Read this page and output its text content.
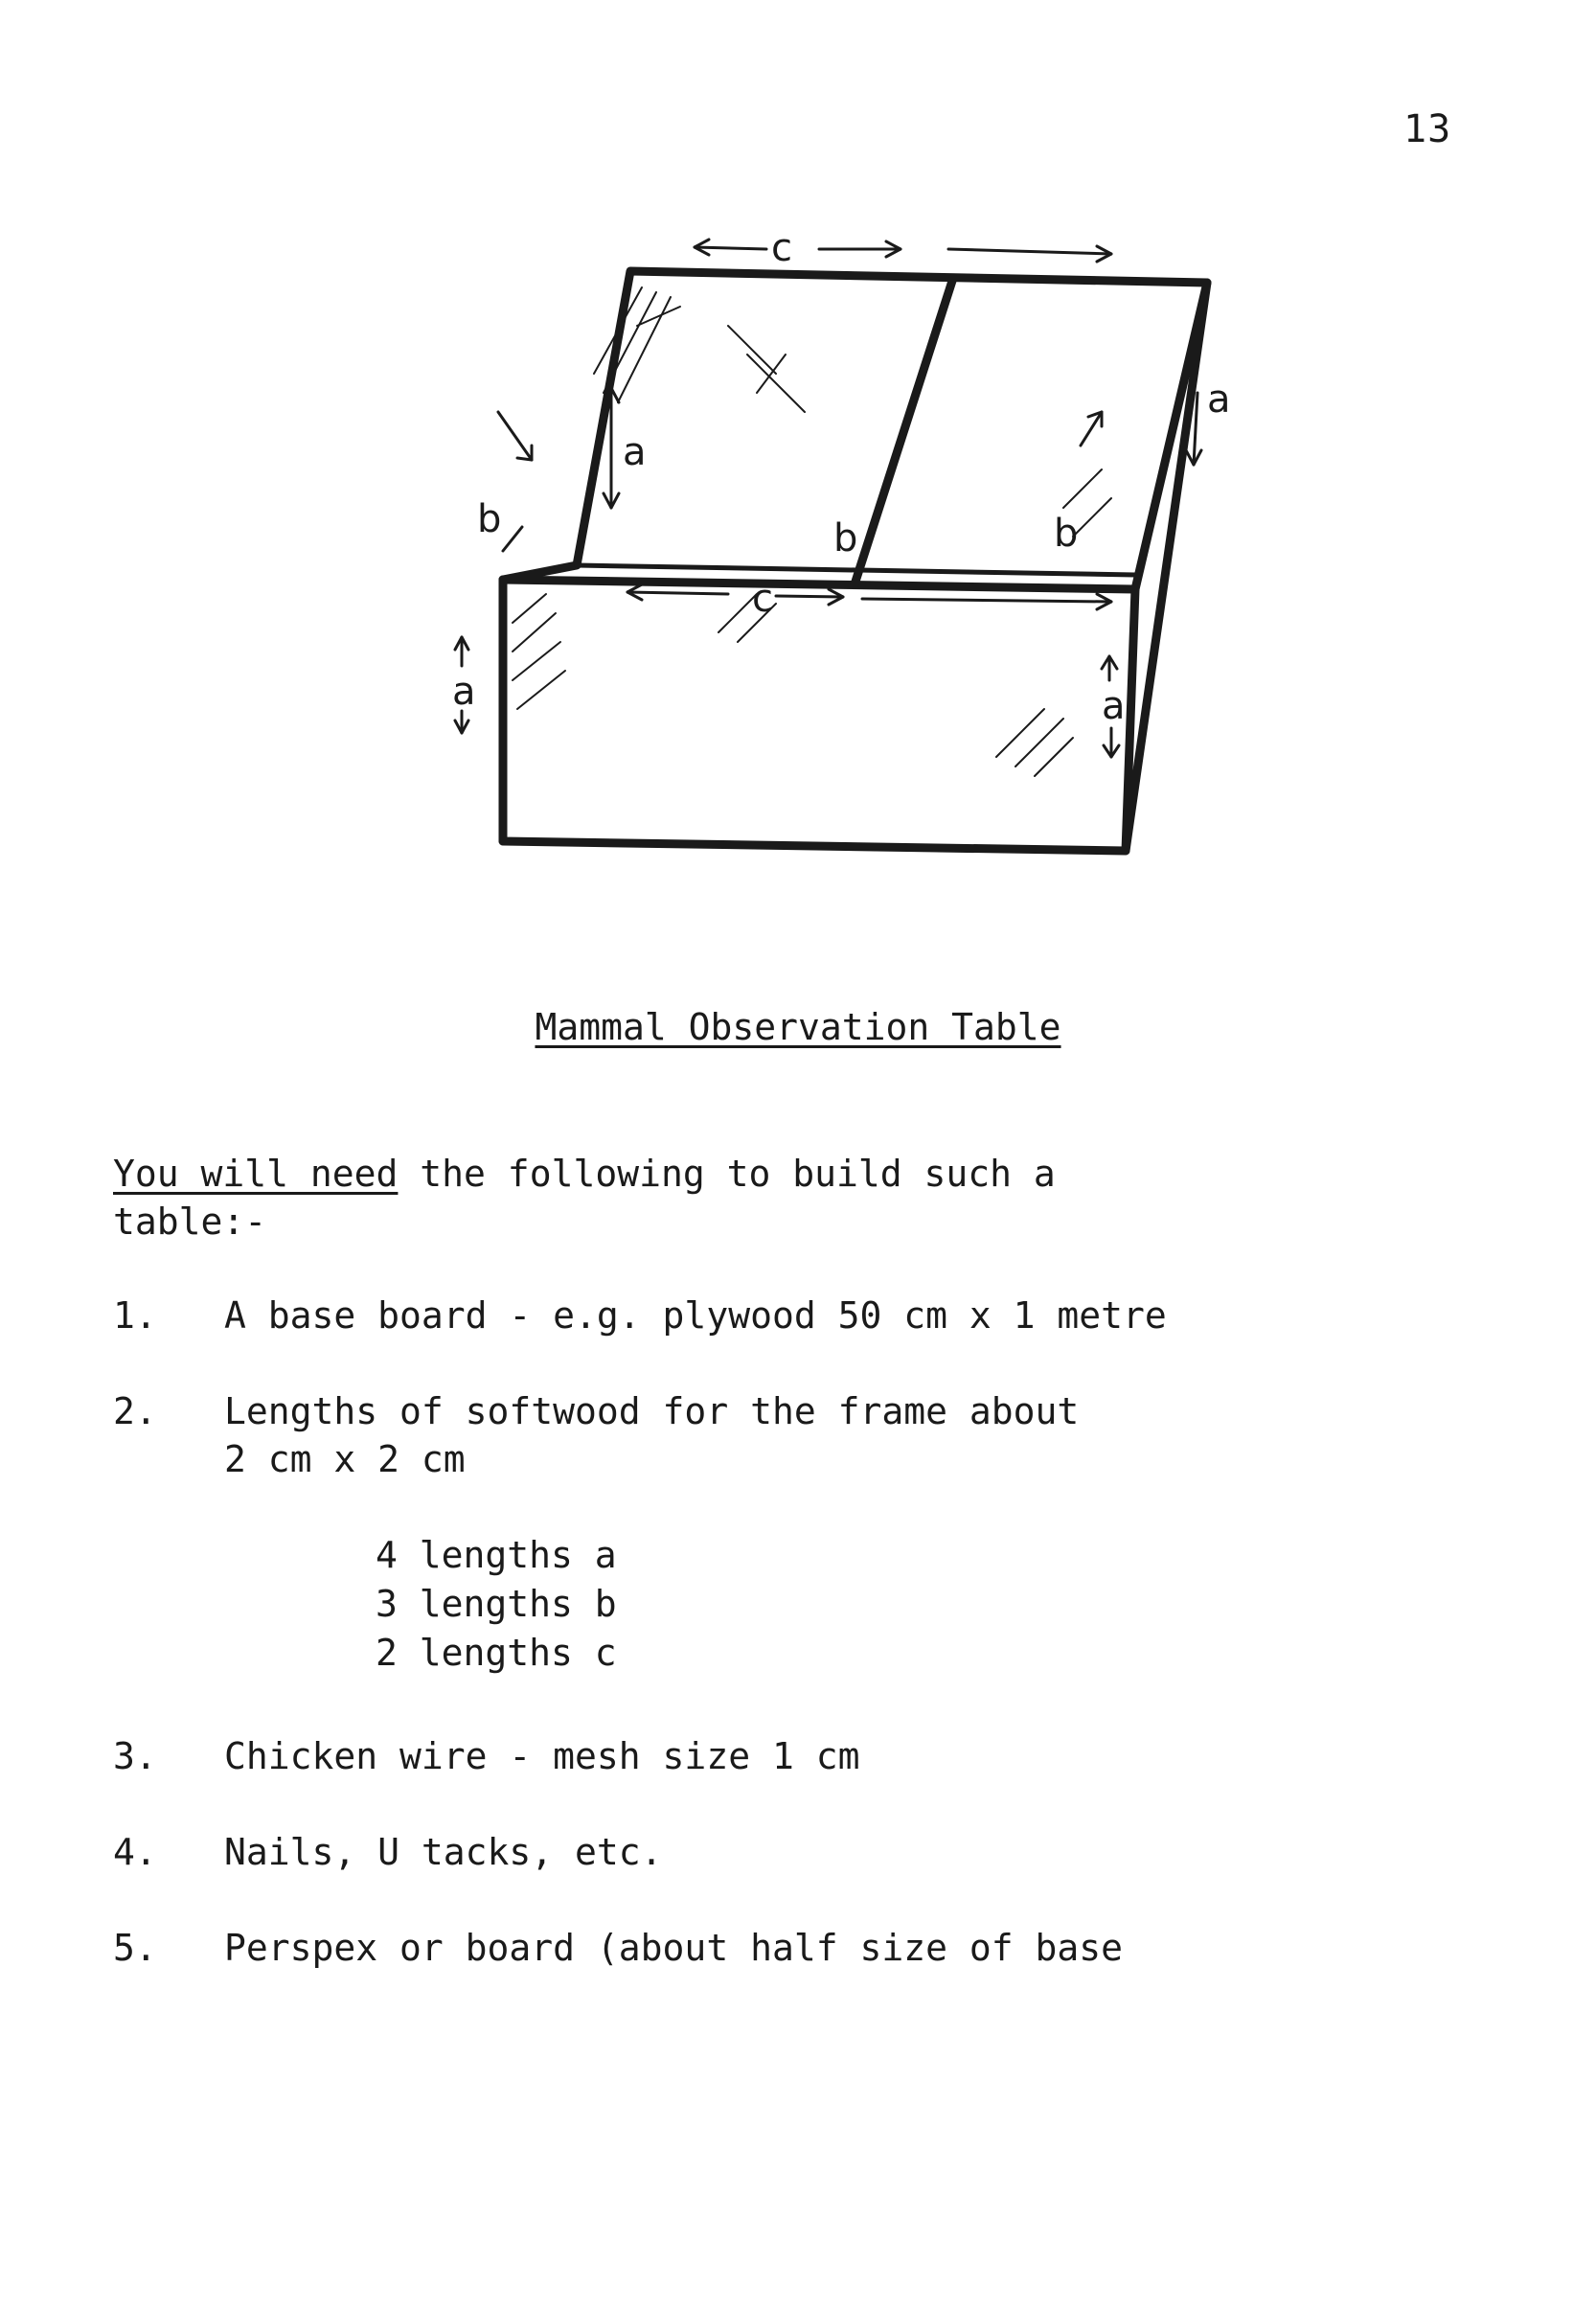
13
c
c
a
a
a
a
b	b	b
Mammal Observation Table
You will need the following to build such a
table:-
1. A base board - e.g. plywood 50 cm x 1 metre
2. Lengths of softwood for the frame about
2 cm x 2 cm
4 lengths a
3 lengths b
2 lengths c
3. Chicken wire - mesh size 1 cm
4. Nails, U tacks, etc.
5. Perspex or board (about half size of base
